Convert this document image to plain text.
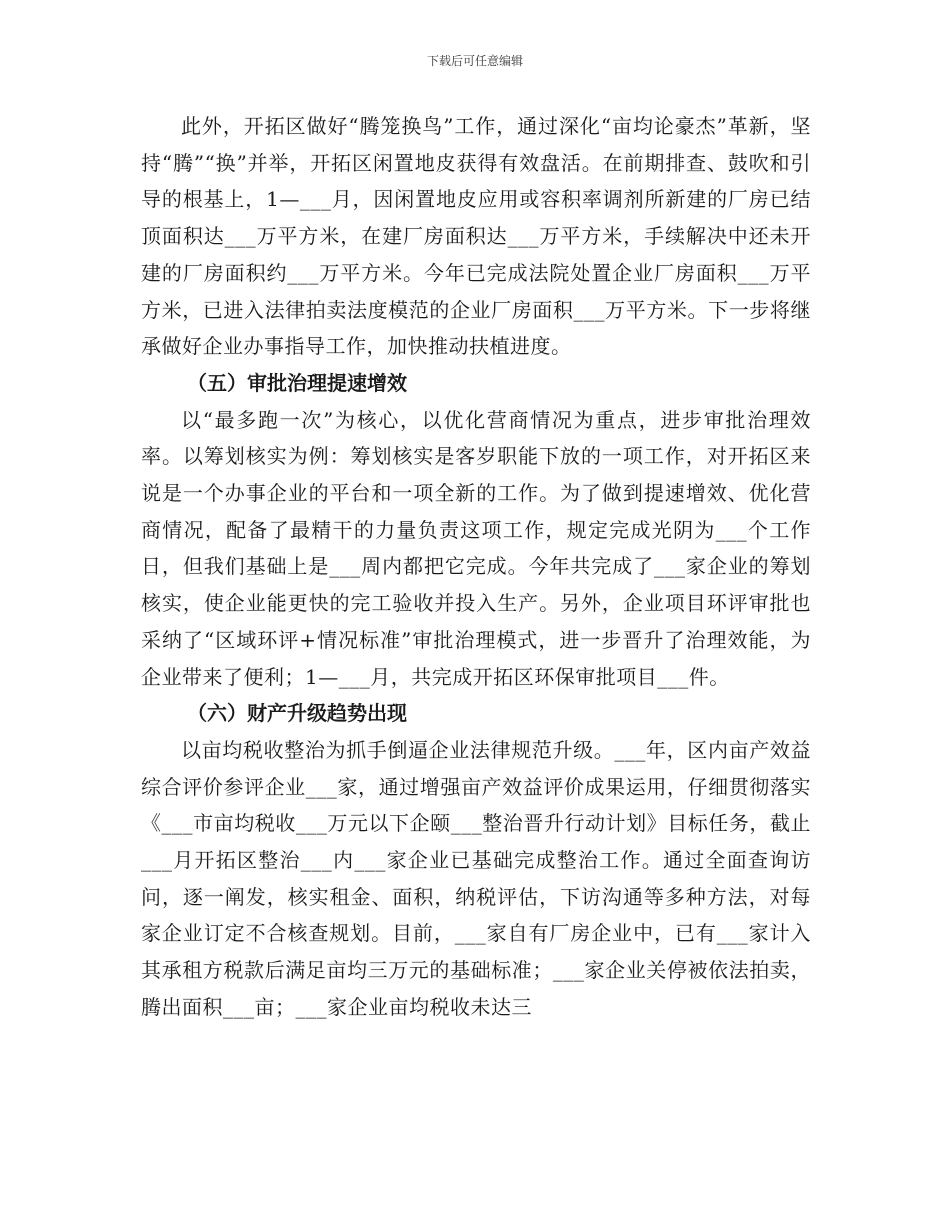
下载后可任意编辑

此外，开拓区做好“腾笼换鸟”工作，通过深化“亩均论豪杰”革新，坚持“腾”“换”并举，开拓区闲置地皮获得有效盘活。在前期排查、鼓吹和引导的根基上，1—___月，因闲置地皮应用或容积率调剂所新建的厂房已结顶面积达___万平方米，在建厂房面积达___万平方米，手续解决中还未开建的厂房面积约___万平方米。今年已完成法院处置企业厂房面积___万平方米，已进入法律拍卖法度模范的企业厂房面积___万平方米。下一步将继承做好企业办事指导工作，加快推动扶植进度。

（五）审批治理提速增效

以“最多跑一次”为核心，以优化营商情况为重点，进步审批治理效率。以筹划核实为例：筹划核实是客岁职能下放的一项工作，对开拓区来说是一个办事企业的平台和一项全新的工作。为了做到提速增效、优化营商情况，配备了最精干的力量负责这项工作，规定完成光阴为___个工作日，但我们基础上是___周内都把它完成。今年共完成了___家企业的筹划核实，使企业能更快的完工验收并投入生产。另外，企业项目环评审批也采纳了“区域环评+情况标准”审批治理模式，进一步晋升了治理效能，为企业带来了便利；1—___月，共完成开拓区环保审批项目___件。

（六）财产升级趋势出现

以亩均税收整治为抓手倒逼企业法律规范升级。___年，区内亩产效益综合评价参评企业___家，通过增强亩产效益评价成果运用，仔细贯彻落实《___市亩均税收___万元以下企颐___整治晋升行动计划》目标任务，截止___月开拓区整治___内___家企业已基础完成整治工作。通过全面查询访问，逐一阐发，核实租金、面积，纳税评估，下访沟通等多种方法，对每家企业订定不合核查规划。目前，___家自有厂房企业中，已有___家计入其承租方税款后满足亩均三万元的基础标准；___家企业关停被依法拍卖，腾出面积___亩；___家企业亩均税收未达三
